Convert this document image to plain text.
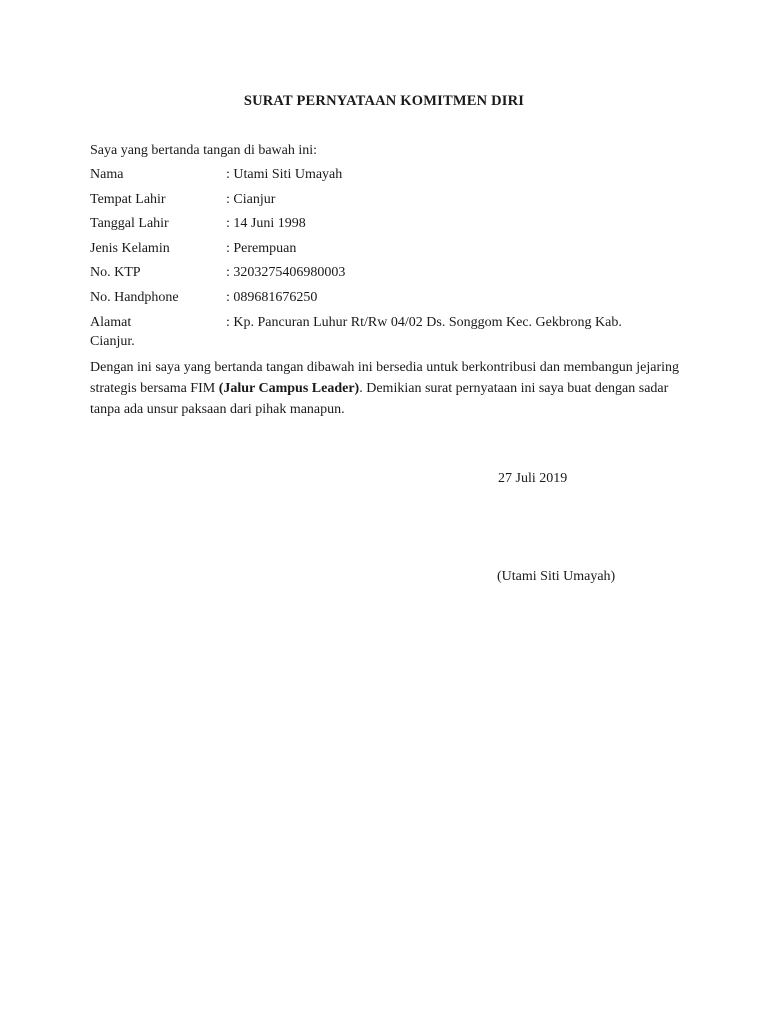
SURAT PERNYATAAN KOMITMEN DIRI
Saya yang bertanda tangan di bawah ini:
Nama	: Utami Siti Umayah
Tempat Lahir	: Cianjur
Tanggal Lahir	: 14 Juni 1998
Jenis Kelamin	: Perempuan
No. KTP	: 3203275406980003
No. Handphone	: 089681676250
Alamat	: Kp. Pancuran Luhur Rt/Rw 04/02 Ds. Songgom Kec. Gekbrong Kab.
Cianjur.
Dengan ini saya yang bertanda tangan dibawah ini bersedia untuk berkontribusi dan membangun jejaring strategis bersama FIM (Jalur Campus Leader). Demikian surat pernyataan ini saya buat dengan sadar tanpa ada unsur paksaan dari pihak manapun.
27 Juli 2019
(Utami Siti Umayah)
